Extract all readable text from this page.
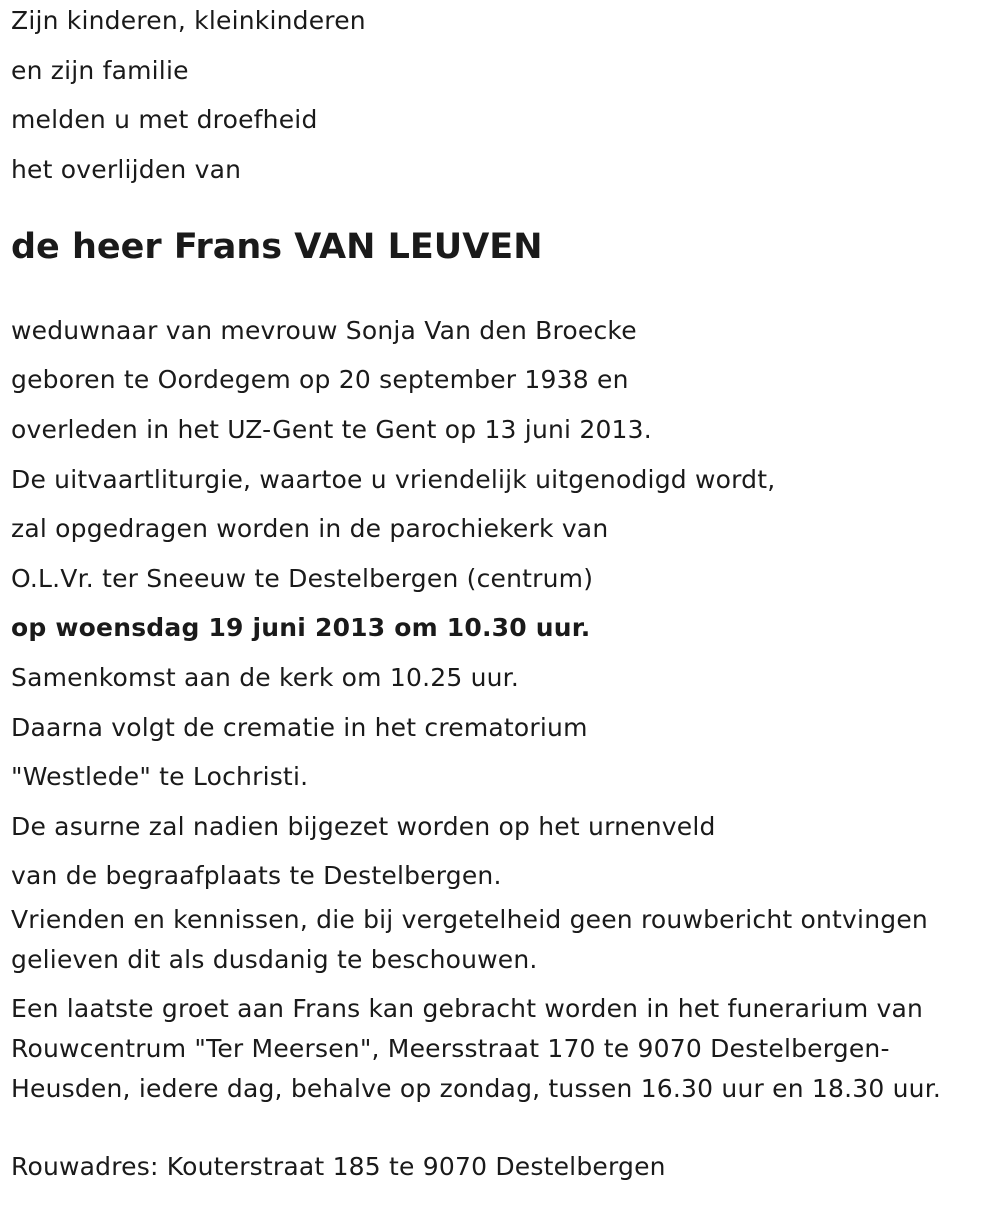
Zijn kinderen, kleinkinderen
en zijn familie
melden u met droefheid
het overlijden van
de heer Frans VAN LEUVEN
weduwnaar van mevrouw Sonja Van den Broecke
geboren te Oordegem op 20 september 1938 en
overleden in het UZ-Gent te Gent op 13 juni 2013.
De uitvaartliturgie, waartoe u vriendelijk uitgenodigd wordt,
zal opgedragen worden in de parochiekerk van
O.L.Vr. ter Sneeuw te Destelbergen (centrum)
op woensdag 19 juni 2013 om 10.30 uur.
Samenkomst aan de kerk om 10.25 uur.
Daarna volgt de crematie in het crematorium
"Westlede" te Lochristi.
De asurne zal nadien bijgezet worden op het urnenveld
van de begraafplaats te Destelbergen.
Vrienden en kennissen, die bij vergetelheid geen rouwbericht ontvingen gelieven dit als dusdanig te beschouwen.
Een laatste groet aan Frans kan gebracht worden in het funerarium van Rouwcentrum "Ter Meersen", Meersstraat 170 te 9070 Destelbergen-Heusden, iedere dag, behalve op zondag, tussen 16.30 uur en 18.30 uur.
Rouwadres: Kouterstraat 185 te 9070 Destelbergen
